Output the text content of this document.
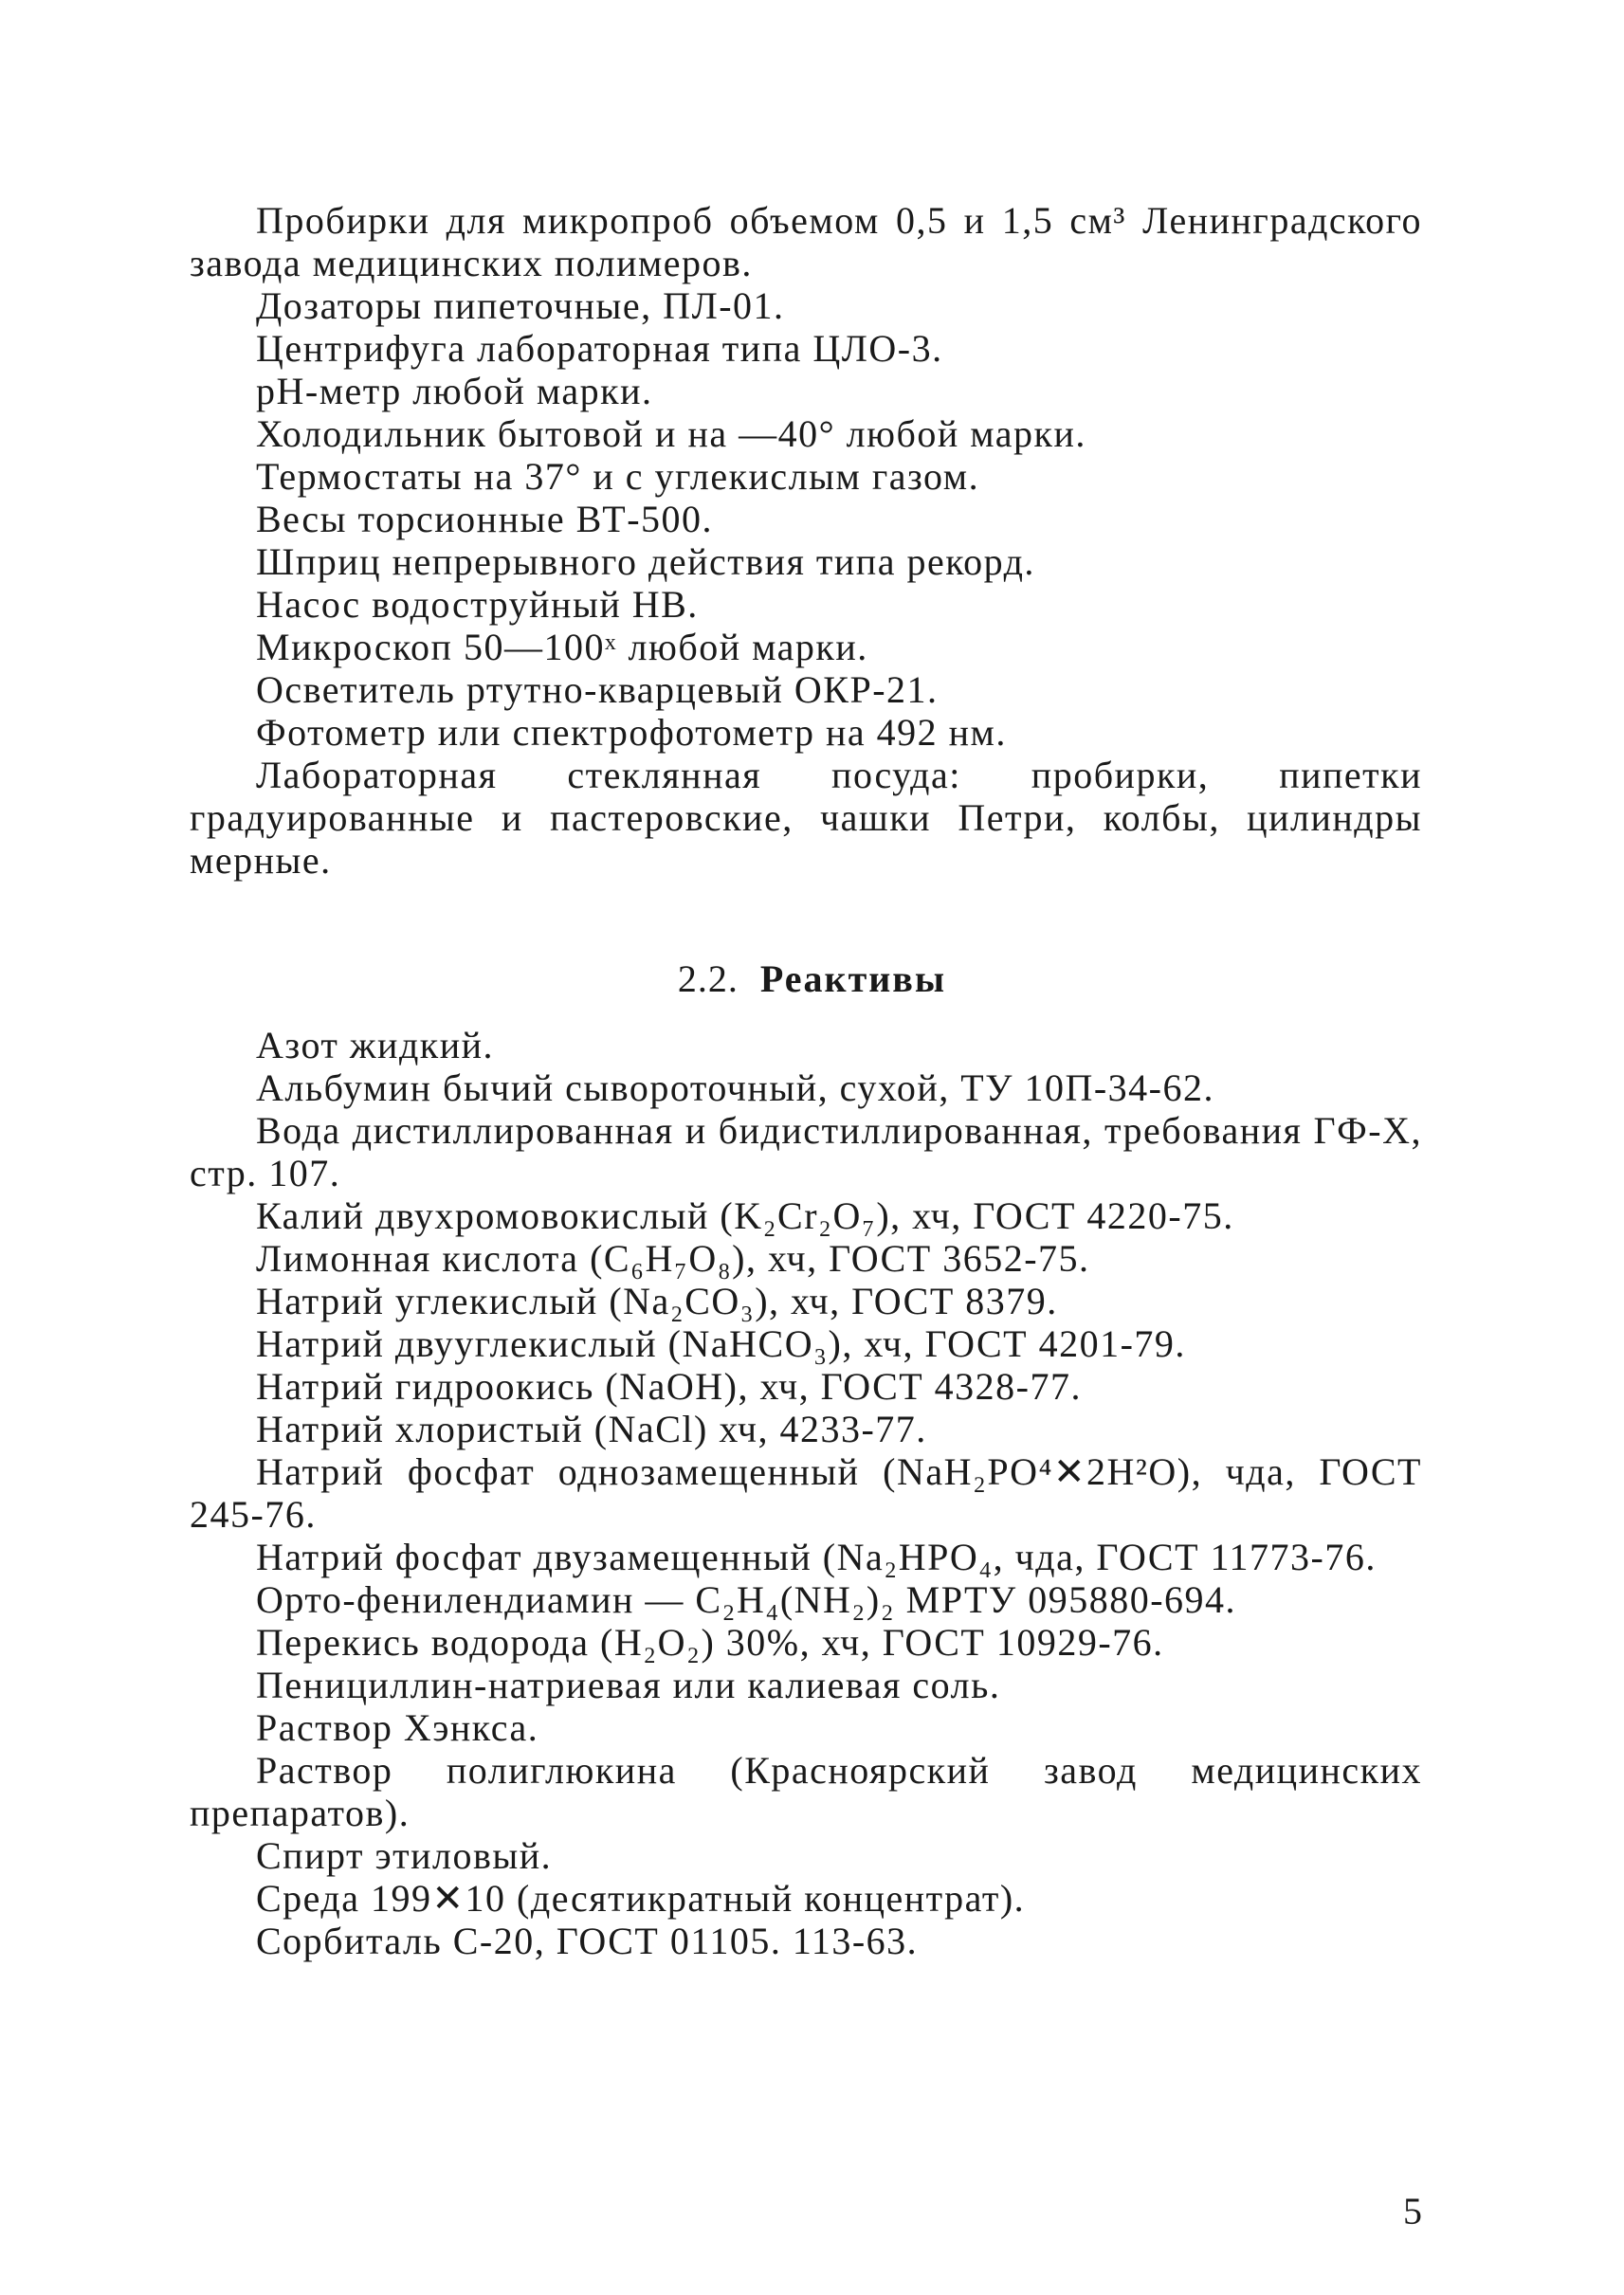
Пробирки для микропроб объемом 0,5 и 1,5 см³ Ленинградского завода медицинских полимеров.

Дозаторы пипеточные, ПЛ-01.

Центрифуга лабораторная типа ЦЛО-3.

рН-метр любой марки.

Холодильник бытовой и на —40° любой марки.

Термостаты на 37° и с углекислым газом.

Весы торсионные ВТ-500.

Шприц непрерывного действия типа рекорд.

Насос водоструйный НВ.

Микроскоп 50—100ˣ любой марки.

Осветитель ртутно-кварцевый ОКР-21.

Фотометр или спектрофотометр на 492 нм.

Лабораторная стеклянная посуда: пробирки, пипетки градуированные и пастеровские, чашки Петри, колбы, цилиндры мерные.

2.2. Реактивы

Азот жидкий.

Альбумин бычий сывороточный, сухой, ТУ 10П-34-62.

Вода дистиллированная и бидистиллированная, требования ГФ-Х, стр. 107.

Калий двухромовокислый (K₂Cr₂O₇), хч, ГОСТ 4220-75.

Лимонная кислота (C₆H₇O₈), хч, ГОСТ 3652-75.

Натрий углекислый (Na₂CO₃), хч, ГОСТ 8379.

Натрий двууглекислый (NaHCO₃), хч, ГОСТ 4201-79.

Натрий гидроокись (NaOH), хч, ГОСТ 4328-77.

Натрий хлористый (NaCl) хч, 4233-77.

Натрий фосфат однозамещенный (NaH₂PO⁴✕2H²O), чда, ГОСТ 245-76.

Натрий фосфат двузамещенный (Na₂HPO₄, чда, ГОСТ 11773-76.

Орто-фенилендиамин — C₂H₄(NH₂)₂ МРТУ 095880-694.

Перекись водорода (H₂O₂) 30%, хч, ГОСТ 10929-76.

Пенициллин-натриевая или калиевая соль.

Раствор Хэнкса.

Раствор полиглюкина (Красноярский завод медицинских препаратов).

Спирт этиловый.

Среда 199✕10 (десятикратный концентрат).

Сорбиталь С-20, ГОСТ 01105. 113-63.

5
